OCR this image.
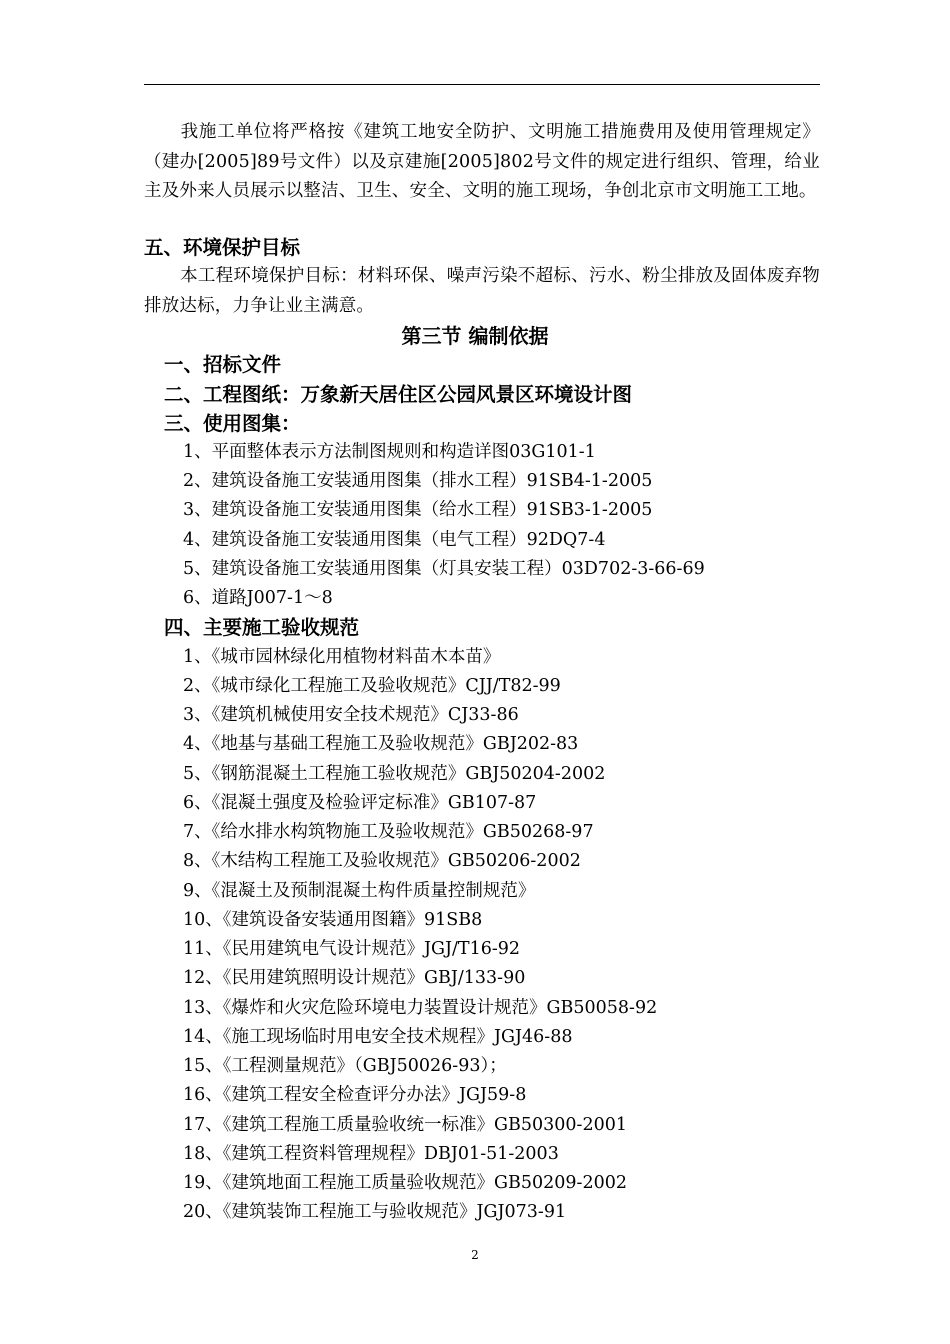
我施工单位将严格按《建筑工地安全防护、文明施工措施费用及使用管理规定》（建办[2005]89号文件）以及京建施[2005]802号文件的规定进行组织、管理，给业主及外来人员展示以整洁、卫生、安全、文明的施工现场，争创北京市文明施工工地。
五、环境保护目标
本工程环境保护目标：材料环保、噪声污染不超标、污水、粉尘排放及固体废弃物排放达标，力争让业主满意。
第三节 编制依据
一、招标文件
二、工程图纸：万象新天居住区公园风景区环境设计图
三、使用图集：
1、平面整体表示方法制图规则和构造详图03G101-1
2、建筑设备施工安装通用图集（排水工程）91SB4-1-2005
3、建筑设备施工安装通用图集（给水工程）91SB3-1-2005
4、建筑设备施工安装通用图集（电气工程）92DQ7-4
5、建筑设备施工安装通用图集（灯具安装工程）03D702-3-66-69
6、道路J007-1～8
四、主要施工验收规范
1、《城市园林绿化用植物材料苗木本苗》
2、《城市绿化工程施工及验收规范》CJJ/T82-99
3、《建筑机械使用安全技术规范》CJ33-86
4、《地基与基础工程施工及验收规范》GBJ202-83
5、《钢筋混凝土工程施工验收规范》GBJ50204-2002
6、《混凝土强度及检验评定标准》GB107-87
7、《给水排水构筑物施工及验收规范》GB50268-97
8、《木结构工程施工及验收规范》GB50206-2002
9、《混凝土及预制混凝土构件质量控制规范》
10、《建筑设备安装通用图籍》91SB8
11、《民用建筑电气设计规范》JGJ/T16-92
12、《民用建筑照明设计规范》GBJ/133-90
13、《爆炸和火灾危险环境电力装置设计规范》GB50058-92
14、《施工现场临时用电安全技术规程》JGJ46-88
15、《工程测量规范》（GBJ50026-93）；
16、《建筑工程安全检查评分办法》JGJ59-8
17、《建筑工程施工质量验收统一标准》GB50300-2001
18、《建筑工程资料管理规程》DBJ01-51-2003
19、《建筑地面工程施工质量验收规范》GB50209-2002
20、《建筑装饰工程施工与验收规范》JGJ073-91
2
